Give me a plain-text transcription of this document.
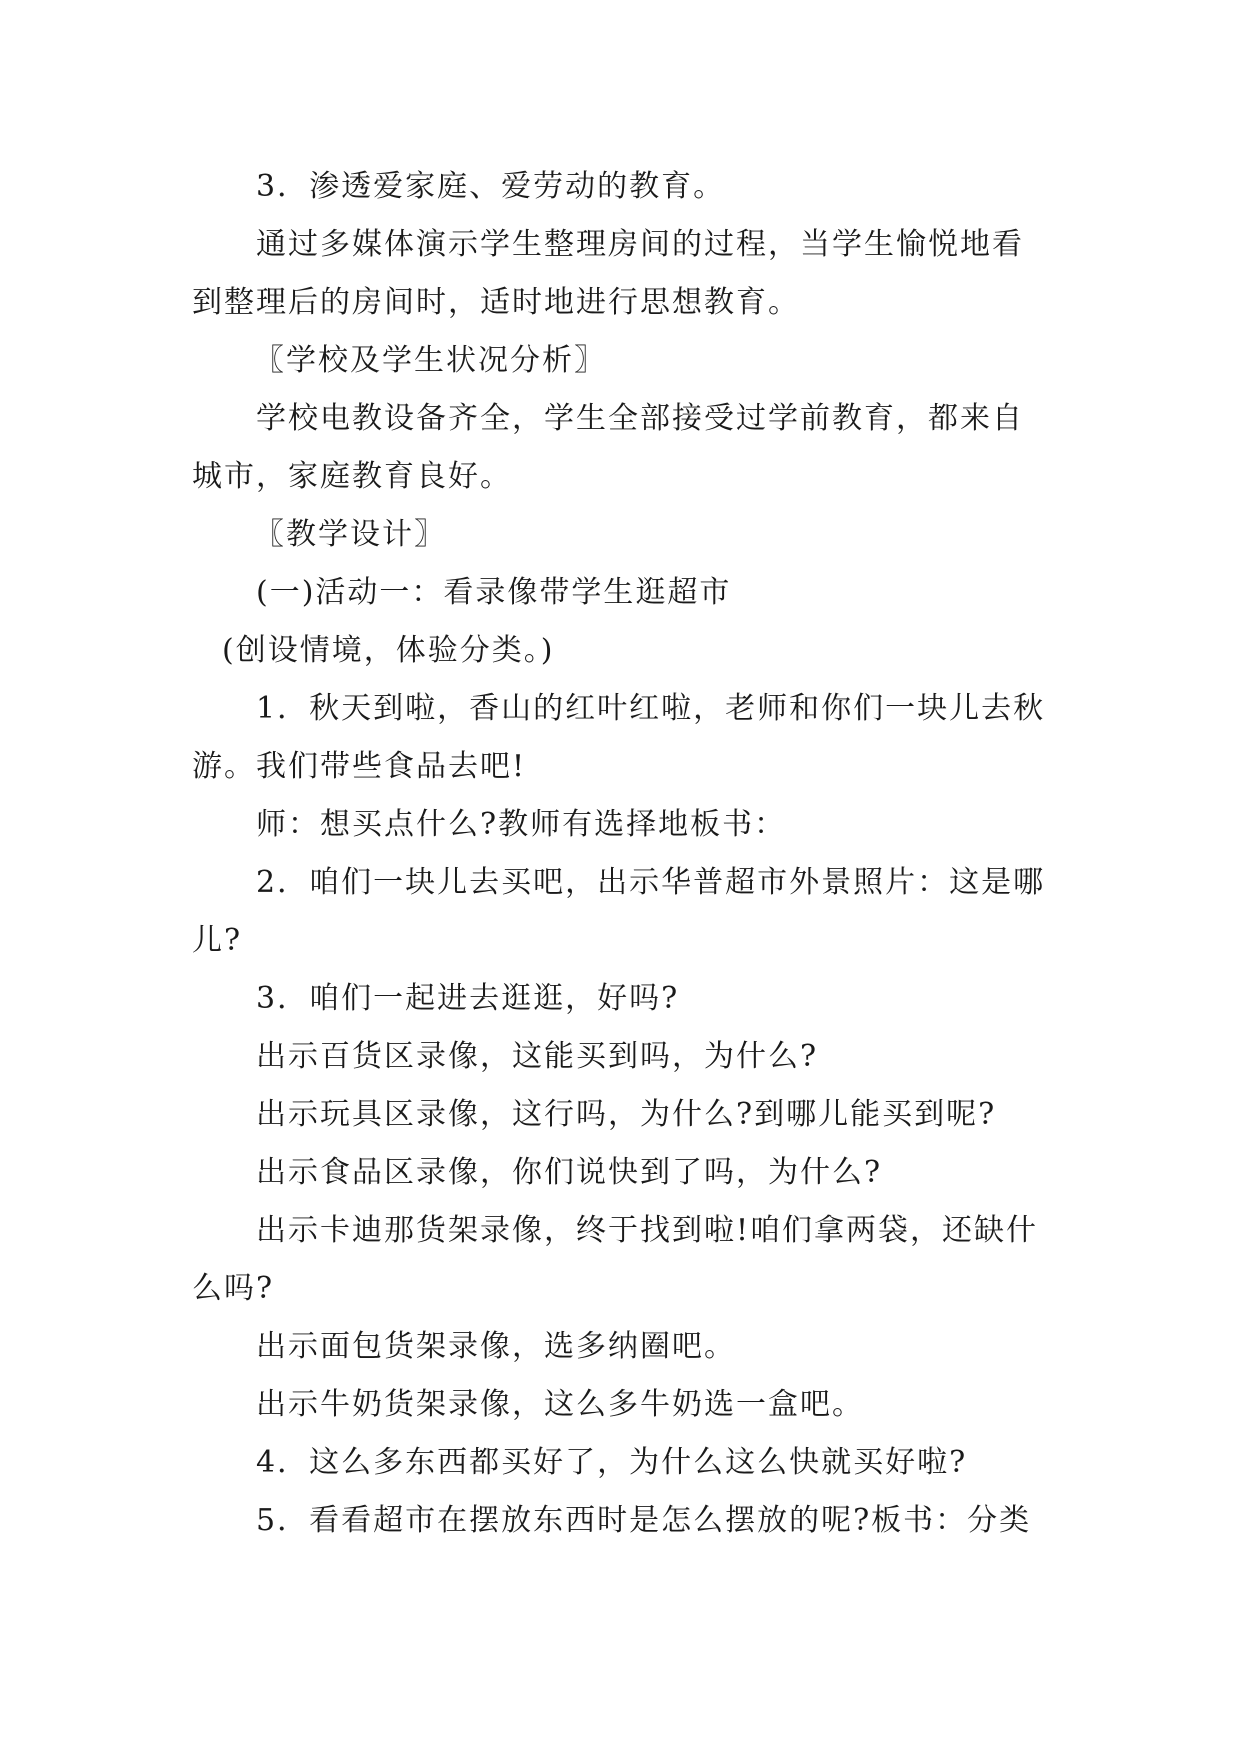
3．渗透爱家庭、爱劳动的教育。

通过多媒体演示学生整理房间的过程，当学生愉悦地看到整理后的房间时，适时地进行思想教育。

〖学校及学生状况分析〗

学校电教设备齐全，学生全部接受过学前教育，都来自城市，家庭教育良好。

〖教学设计〗

(一)活动一：看录像带学生逛超市

(创设情境，体验分类。)

1．秋天到啦，香山的红叶红啦，老师和你们一块儿去秋游。我们带些食品去吧!

师：想买点什么?教师有选择地板书：

2．咱们一块儿去买吧，出示华普超市外景照片：这是哪儿?

3．咱们一起进去逛逛，好吗?

出示百货区录像，这能买到吗，为什么?

出示玩具区录像，这行吗，为什么?到哪儿能买到呢?

出示食品区录像，你们说快到了吗，为什么?

出示卡迪那货架录像，终于找到啦!咱们拿两袋，还缺什么吗?

出示面包货架录像，选多纳圈吧。

出示牛奶货架录像，这么多牛奶选一盒吧。

4．这么多东西都买好了，为什么这么快就买好啦?

5．看看超市在摆放东西时是怎么摆放的呢?板书：分类
